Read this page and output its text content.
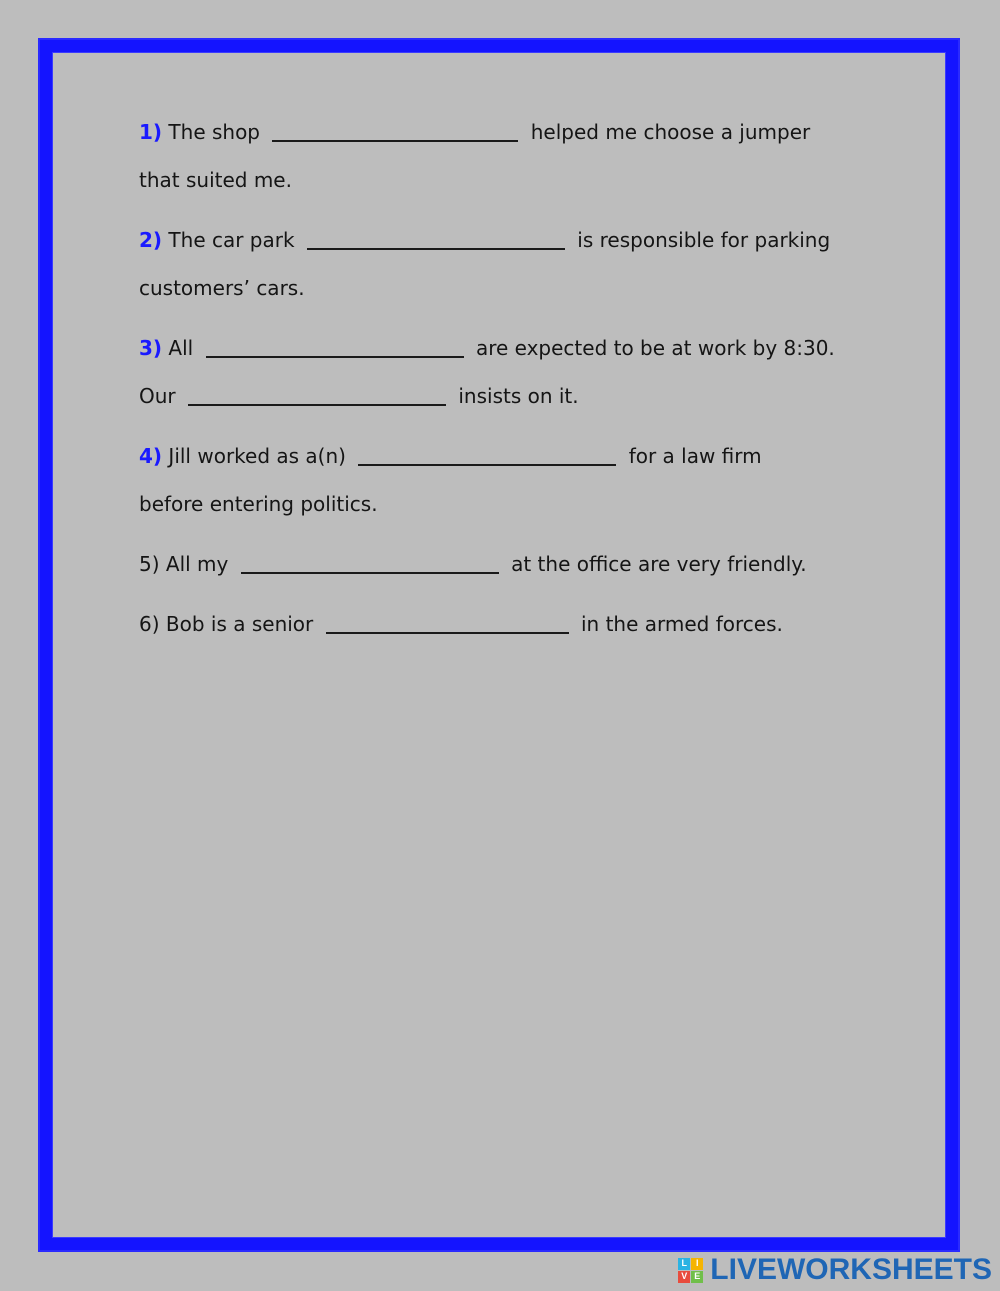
1) The shop	helped me choose a jumper
that suited me.

2) The car park	is responsible for parking
customers’ cars.

3) All	are expected to be at work by 8:30.
Our	insists on it.

4) Jill worked as a(n)	for a law firm
before entering politics.

5) All my	at the office are very friendly.

6) Bob is a senior	in the armed forces.

L I
V E LIVEWORKSHEETS
